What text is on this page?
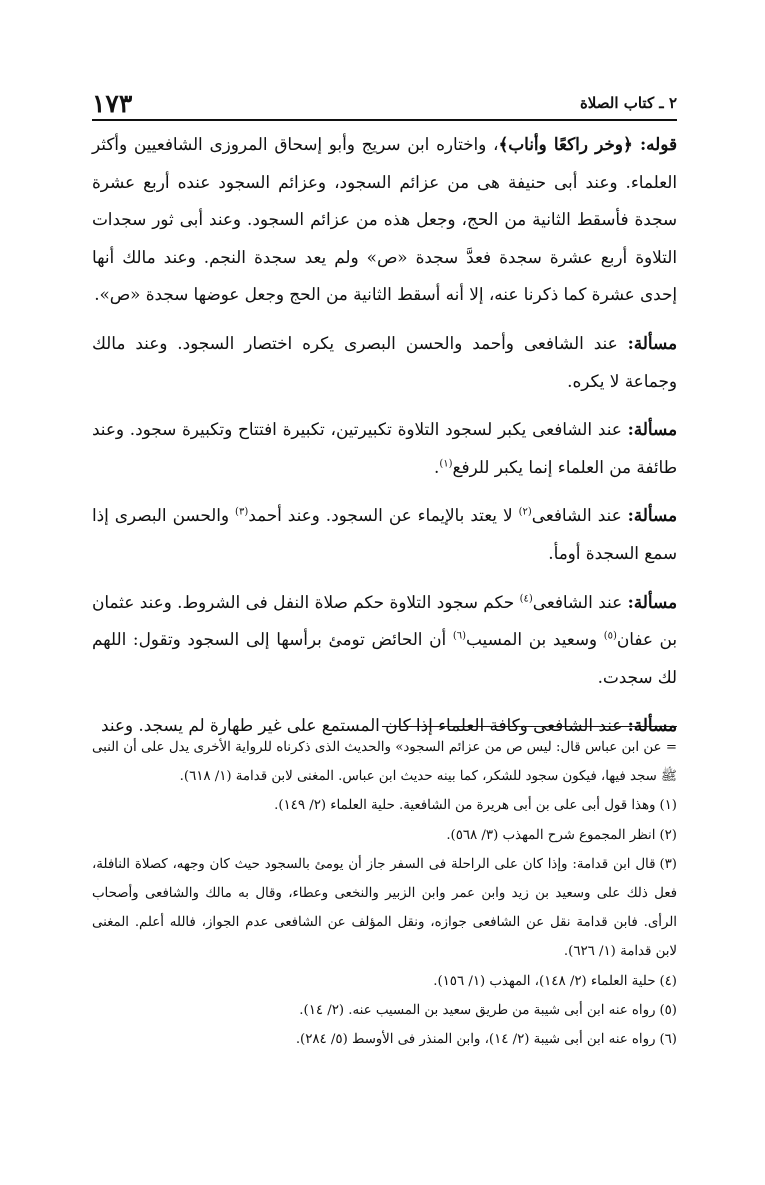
١٧٣	٢ ـ كتاب الصلاة

قوله: ﴿وخر راكعًا وأناب﴾، واختاره ابن سريج وأبو إسحاق المروزى الشافعيين وأكثر العلماء. وعند أبى حنيفة هى من عزائم السجود، وعزائم السجود عنده أربع عشرة سجدة فأسقط الثانية من الحج، وجعل هذه من عزائم السجود. وعند أبى ثور سجدات التلاوة أربع عشرة سجدة فعدَّ سجدة «ص» ولم يعد سجدة النجم. وعند مالك أنها إحدى عشرة كما ذكرنا عنه، إلا أنه أسقط الثانية من الحج وجعل عوضها سجدة «ص».

مسألة: عند الشافعى وأحمد والحسن البصرى يكره اختصار السجود. وعند مالك وجماعة لا يكره.

مسألة: عند الشافعى يكبر لسجود التلاوة تكبيرتين، تكبيرة افتتاح وتكبيرة سجود. وعند طائفة من العلماء إنما يكبر للرفع$^{(١)}$.

مسألة: عند الشافعى$^{(٢)}$ لا يعتد بالإيماء عن السجود. وعند أحمد$^{(٣)}$ والحسن البصرى إذا سمع السجدة أومأ.

مسألة: عند الشافعى$^{(٤)}$ حكم سجود التلاوة حكم صلاة النفل فى الشروط. وعند عثمان بن عفان$^{(٥)}$ وسعيد بن المسيب$^{(٦)}$ أن الحائض تومئ برأسها إلى السجود وتقول: اللهم لك سجدت.

مسألة: عند الشافعى وكافة العلماء إذا كان المستمع على غير طهارة لم يسجد. وعند

= عن ابن عباس قال: ليس ص من عزائم السجود» والحديث الذى ذكرناه للرواية الأخرى يدل على أن النبى ﷺ سجد فيها، فيكون سجود للشكر، كما بينه حديث ابن عباس. المغنى لابن قدامة (١/ ٦١٨).

(١)وهذا قول أبى على بن أبى هريرة من الشافعية. حلية العلماء (٢/ ١٤٩).

(٢)انظر المجموع شرح المهذب (٣/ ٥٦٨).

(٣)قال ابن قدامة: وإذا كان على الراحلة فى السفر جاز أن يومئ بالسجود حيث كان وجهه، كصلاة النافلة، فعل ذلك على وسعيد بن زيد وابن عمر وابن الزبير والنخعى وعطاء، وقال به مالك والشافعى وأصحاب الرأى. فابن قدامة نقل عن الشافعى جوازه، ونقل المؤلف عن الشافعى عدم الجواز، فالله أعلم. المغنى لابن قدامة (١/ ٦٢٦).

(٤)حلية العلماء (٢/ ١٤٨)، المهذب (١/ ١٥٦).

(٥)رواه عنه ابن أبى شيبة من طريق سعيد بن المسيب عنه. (٢/ ١٤).

(٦)رواه عنه ابن أبى شيبة (٢/ ١٤)، وابن المنذر فى الأوسط (٥/ ٢٨٤).
